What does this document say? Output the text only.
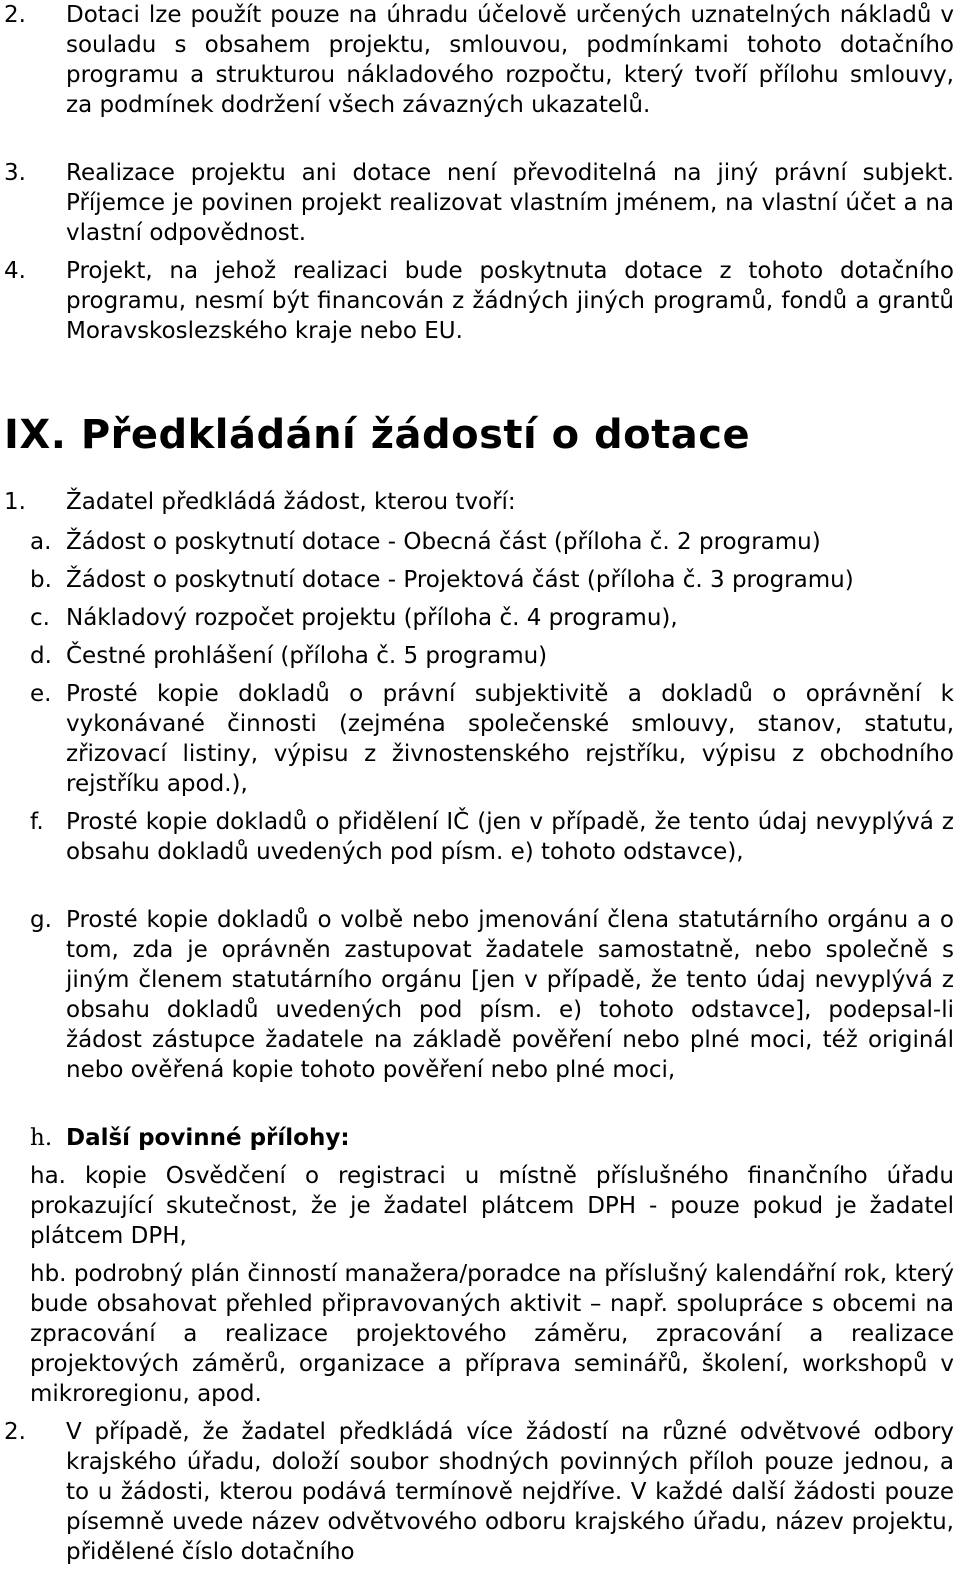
2. Dotaci lze použít pouze na úhradu účelově určených uznatelných nákladů v souladu s obsahem projektu, smlouvou, podmínkami tohoto dotačního programu a strukturou nákladového rozpočtu, který tvoří přílohu smlouvy, za podmínek dodržení všech závazných ukazatelů.
3. Realizace projektu ani dotace není převoditelná na jiný právní subjekt. Příjemce je povinen projekt realizovat vlastním jménem, na vlastní účet a na vlastní odpovědnost.
4. Projekt, na jehož realizaci bude poskytnuta dotace z tohoto dotačního programu, nesmí být financován z žádných jiných programů, fondů a grantů Moravskoslezského kraje nebo EU.
IX. Předkládání žádostí o dotace
1. Žadatel předkládá žádost, kterou tvoří:
a. Žádost o poskytnutí dotace - Obecná část (příloha č. 2 programu)
b. Žádost o poskytnutí dotace - Projektová část (příloha č. 3 programu)
c. Nákladový rozpočet projektu (příloha č. 4 programu),
d. Čestné prohlášení (příloha č. 5 programu)
e. Prosté kopie dokladů o právní subjektivitě a dokladů o oprávnění k vykonávané činnosti (zejména společenské smlouvy, stanov, statutu, zřizovací listiny, výpisu z živnostenského rejstříku, výpisu z obchodního rejstříku apod.),
f. Prosté kopie dokladů o přidělení IČ (jen v případě, že tento údaj nevyplývá z obsahu dokladů uvedených pod písm. e) tohoto odstavce),
g. Prosté kopie dokladů o volbě nebo jmenování člena statutárního orgánu a o tom, zda je oprávněn zastupovat žadatele samostatně, nebo společně s jiným členem statutárního orgánu [jen v případě, že tento údaj nevyplývá z obsahu dokladů uvedených pod písm. e) tohoto odstavce], podepsal-li žádost zástupce žadatele na základě pověření nebo plné moci, též originál nebo ověřená kopie tohoto pověření nebo plné moci,
h. Další povinné přílohy:
ha. kopie Osvědčení o registraci u místně příslušného finančního úřadu prokazující skutečnost, že je žadatel plátcem DPH - pouze pokud je žadatel plátcem DPH,
hb. podrobný plán činností manažera/poradce na příslušný kalendářní rok, který bude obsahovat přehled připravovaných aktivit – např. spolupráce s obcemi na zpracování a realizace projektového záměru, zpracování a realizace projektových záměrů, organizace a příprava seminářů, školení, workshopů v mikroregionu, apod.
2. V případě, že žadatel předkládá více žádostí na různé odvětvové odbory krajského úřadu, doloží soubor shodných povinných příloh pouze jednou, a to u žádosti, kterou podává termínově nejdříve. V každé další žádosti pouze písemně uvede název odvětvového odboru krajského úřadu, název projektu, přidělené číslo dotačního
